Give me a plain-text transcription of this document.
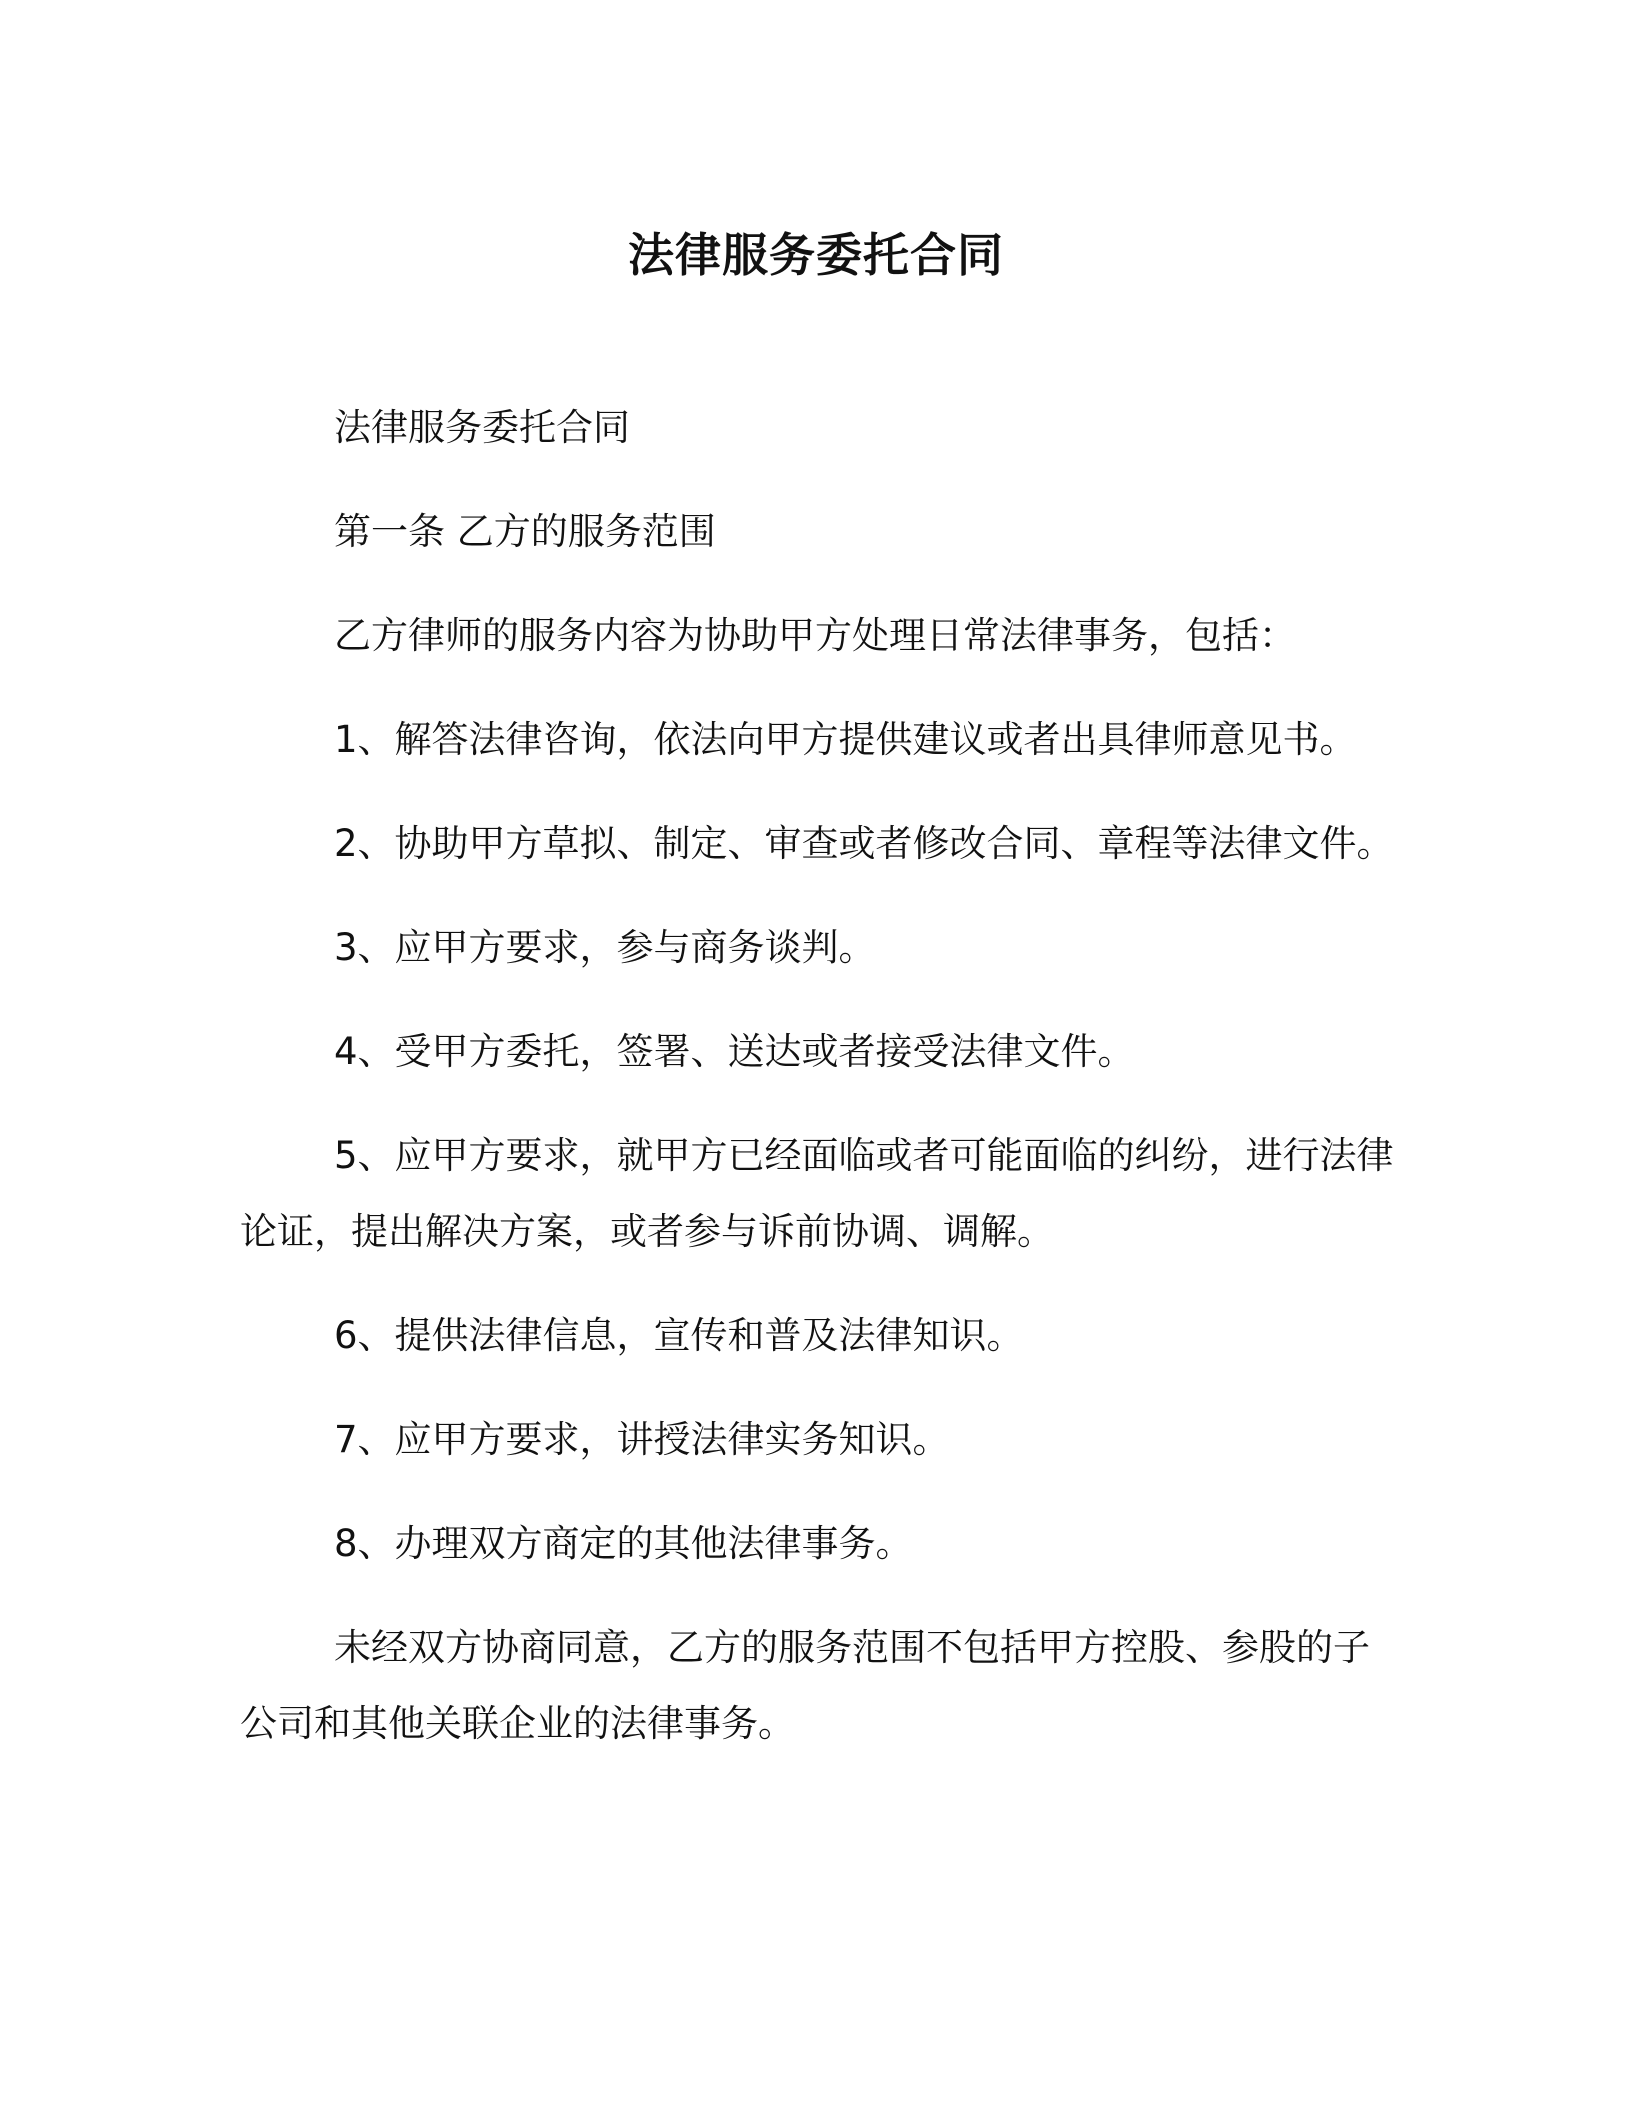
法律服务委托合同

法律服务委托合同

第一条 乙方的服务范围

乙方律师的服务内容为协助甲方处理日常法律事务，包括：

1、解答法律咨询，依法向甲方提供建议或者出具律师意见书。

2、协助甲方草拟、制定、审查或者修改合同、章程等法律文件。

3、应甲方要求，参与商务谈判。

4、受甲方委托，签署、送达或者接受法律文件。

5、应甲方要求，就甲方已经面临或者可能面临的纠纷，进行法律论证，提出解决方案，或者参与诉前协调、调解。

6、提供法律信息，宣传和普及法律知识。

7、应甲方要求，讲授法律实务知识。

8、办理双方商定的其他法律事务。

未经双方协商同意，乙方的服务范围不包括甲方控股、参股的子公司和其他关联企业的法律事务。
